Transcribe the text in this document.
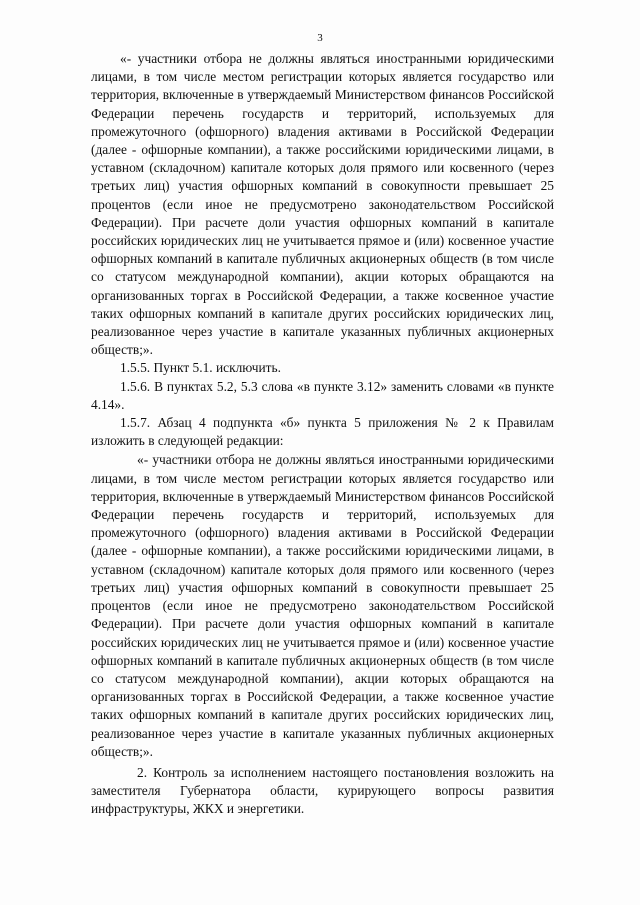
3

«- участники отбора не должны являться иностранными юридическими лицами, в том числе местом регистрации которых является государство или территория, включенные в утверждаемый Министерством финансов Российской Федерации перечень государств и территорий, используемых для промежуточного (офшорного) владения активами в Российской Федерации (далее - офшорные компании), а также российскими юридическими лицами, в уставном (складочном) капитале которых доля прямого или косвенного (через третьих лиц) участия офшорных компаний в совокупности превышает 25 процентов (если иное не предусмотрено законодательством Российской Федерации). При расчете доли участия офшорных компаний в капитале российских юридических лиц не учитывается прямое и (или) косвенное участие офшорных компаний в капитале публичных акционерных обществ (в том числе со статусом международной компании), акции которых обращаются на организованных торгах в Российской Федерации, а также косвенное участие таких офшорных компаний в капитале других российских юридических лиц, реализованное через участие в капитале указанных публичных акционерных обществ;».

1.5.5. Пункт 5.1. исключить.

1.5.6. В пунктах 5.2, 5.3 слова «в пункте 3.12» заменить словами «в пункте 4.14».

1.5.7. Абзац 4 подпункта «б» пункта 5 приложения № 2 к Правилам изложить в следующей редакции:

«- участники отбора не должны являться иностранными юридическими лицами, в том числе местом регистрации которых является государство или территория, включенные в утверждаемый Министерством финансов Российской Федерации перечень государств и территорий, используемых для промежуточного (офшорного) владения активами в Российской Федерации (далее - офшорные компании), а также российскими юридическими лицами, в уставном (складочном) капитале которых доля прямого или косвенного (через третьих лиц) участия офшорных компаний в совокупности превышает 25 процентов (если иное не предусмотрено законодательством Российской Федерации). При расчете доли участия офшорных компаний в капитале российских юридических лиц не учитывается прямое и (или) косвенное участие офшорных компаний в капитале публичных акционерных обществ (в том числе со статусом международной компании), акции которых обращаются на организованных торгах в Российской Федерации, а также косвенное участие таких офшорных компаний в капитале других российских юридических лиц, реализованное через участие в капитале указанных публичных акционерных обществ;».

2. Контроль за исполнением настоящего постановления возложить на заместителя Губернатора области, курирующего вопросы развития инфраструктуры, ЖКХ и энергетики.
